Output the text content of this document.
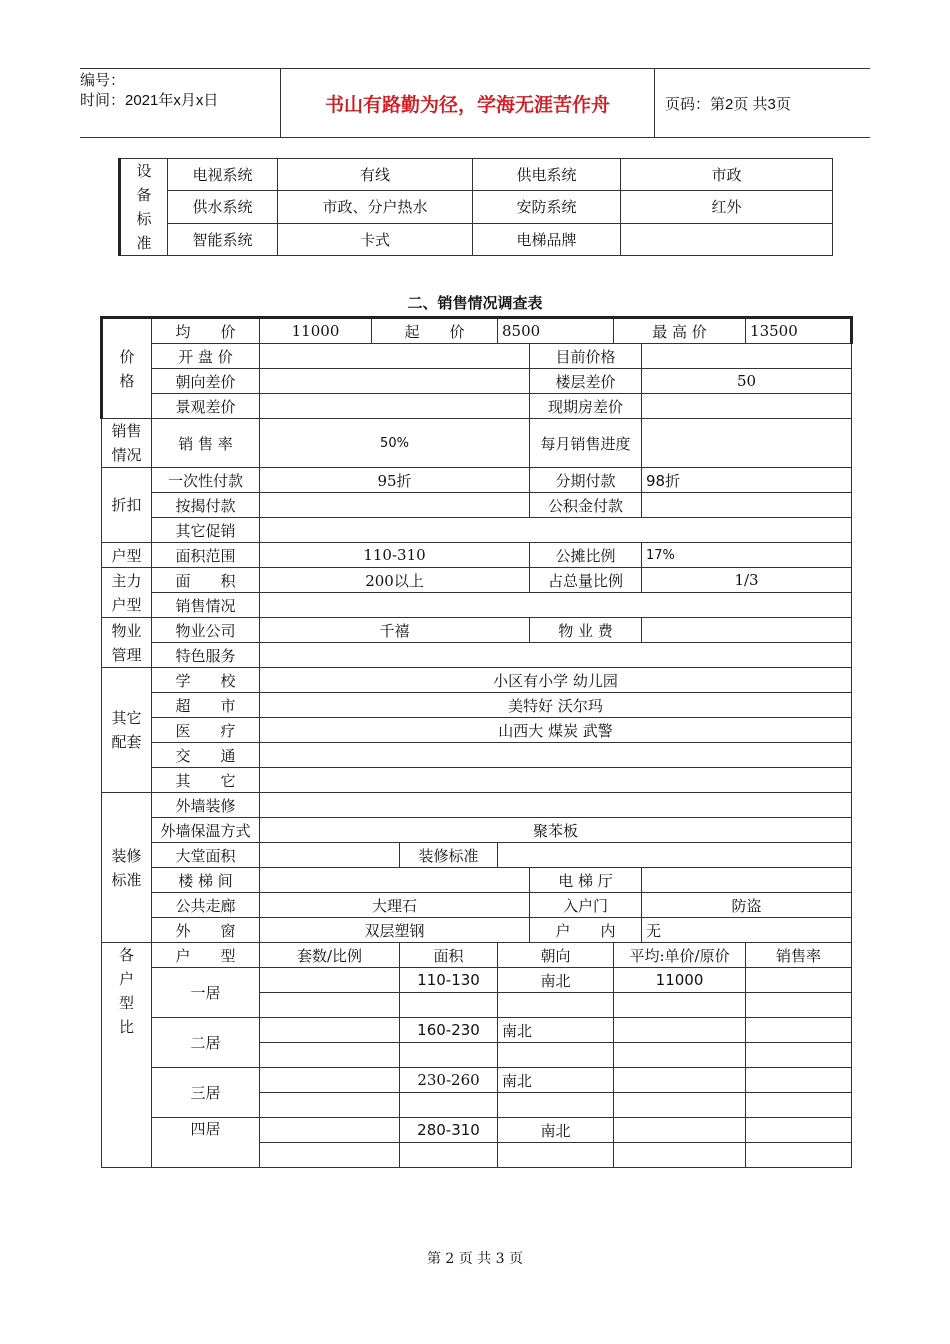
编号：
时间：2021年x月x日	书山有路勤为径，学海无涯苦作舟	页码：第2页 共3页
设备标准	电视系统	有线	供电系统	市政
	供水系统	市政、分户热水	安防系统	红外
	智能系统	卡式	电梯品牌	
二、销售情况调查表
价格	均　　价	11000	起　　价		8500		最 高 价		13500
	开 盘 价					目前价格			
	朝向差价					楼层差价		50	
	景观差价					现期房差价			

销售情况	销 售 率	50%				每月销售进度			

折扣	一次性付款	95折				分期付款		98折	
	按揭付款					公积金付款			
	其它促销								
户型	面积范围	110-310				公摊比例		17%	

主力户型	面　　积	200以上				占总量比例		1/3	
	销售情况								

物业管理	物业公司	千禧				物 业 费			
	特色服务								

其它配套	学　　校	小区有小学 幼儿园							
	超　　市	美特好 沃尔玛							
	医　　疗	山西大 煤炭 武警							
	交　　通								
	其　　它								

装修标准	外墙装修								
	外墙保温方式	聚苯板							
	大堂面积			装修标准					
	楼 梯 间					电 梯 厅			
	公共走廊	大理石				入户门		防盗	
	外　　窗	双层塑钢				户　　内		无	

各户型比	户　　型	套数/比例		面积	朝向		平均:单价/原价		销售率
	一居			110-130	南北		11000		

	二居			160-230	南北				

	三居			230-260	南北				

	四居			280-310	南北				

第 2 页 共 3 页
